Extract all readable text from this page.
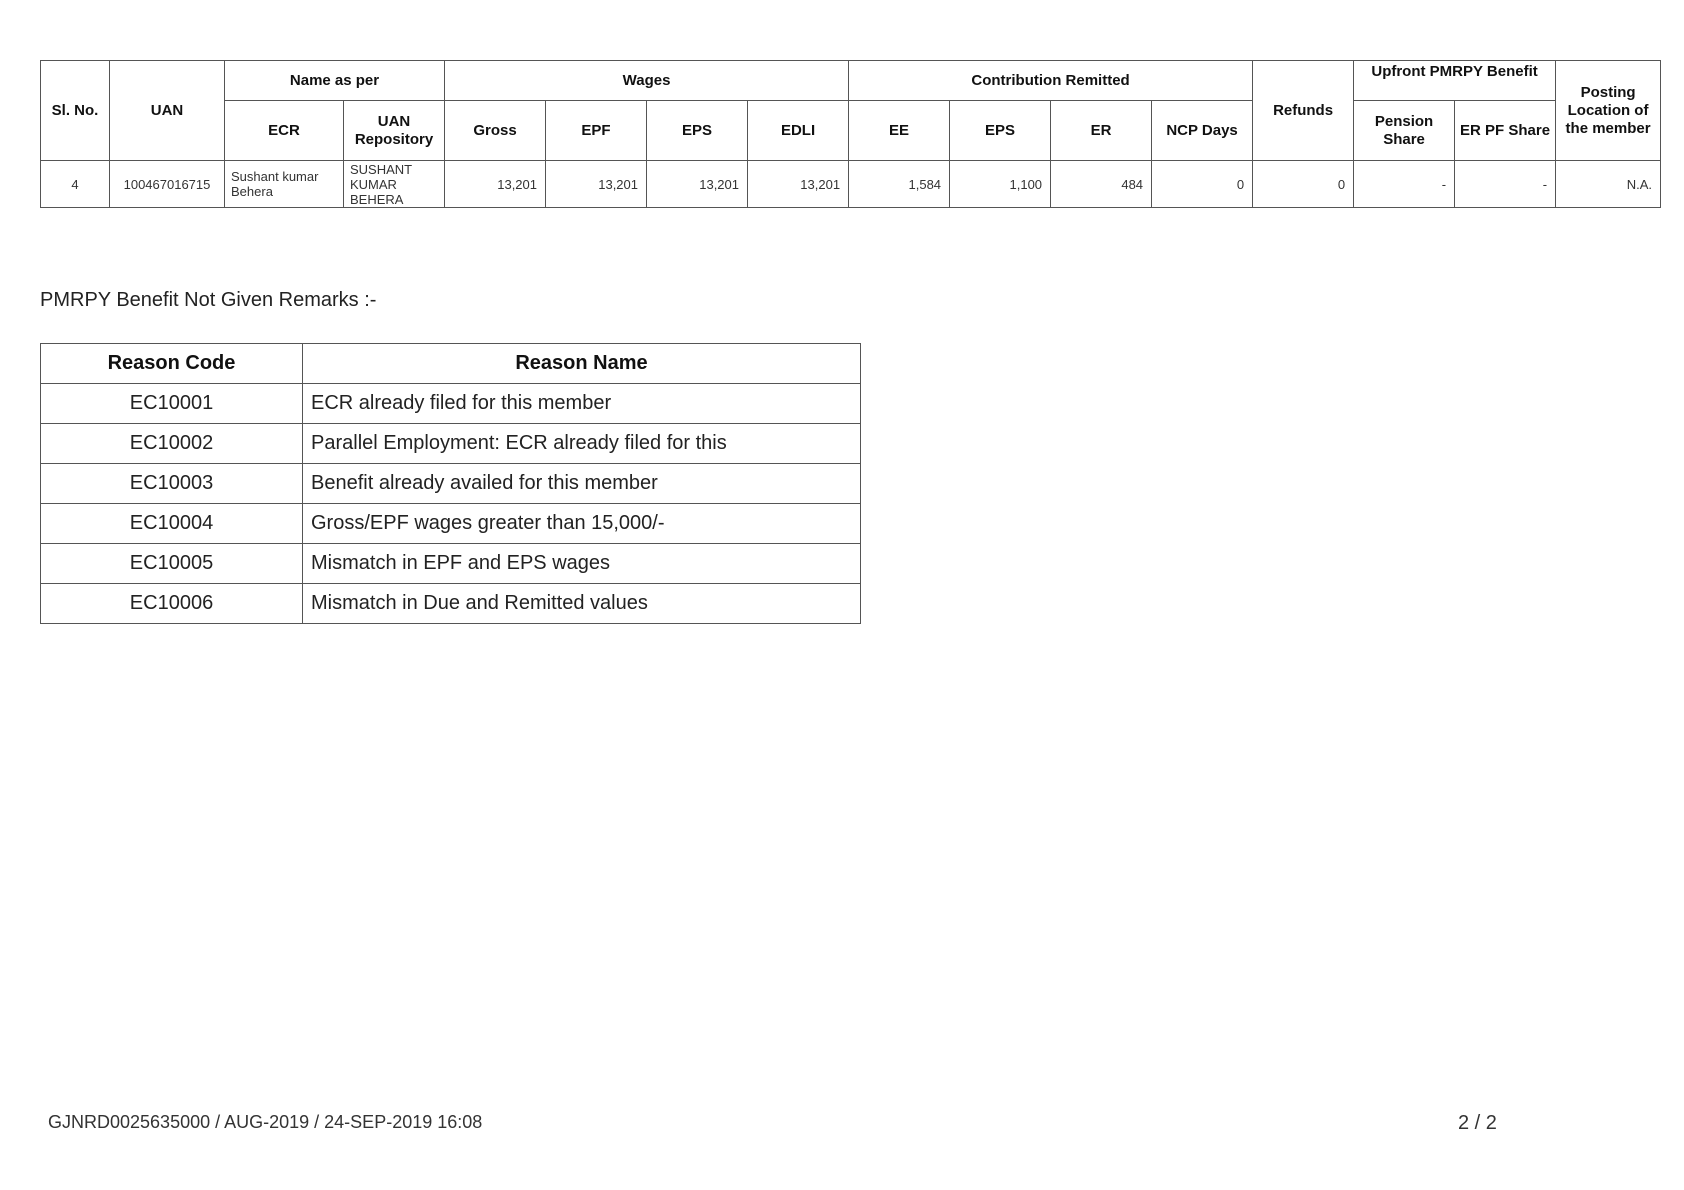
Sl. No.	UAN	Name as per		Wages				Contribution Remitted				Refunds	Upfront PMRPY Benefit		Posting Location of the member
		ECR	UAN Repository	Gross	EPF	EPS	EDLI	EE	EPS	ER	NCP Days		Pension Share	ER PF Share	
4	100467016715	Sushant kumar Behera	SUSHANT KUMAR BEHERA	13,201	13,201	13,201	13,201	1,584	1,100	484	0	0	-	-	N.A.
PMRPY Benefit Not Given Remarks :-
Reason Code	Reason Name
EC10001	ECR already filed for this member
EC10002	Parallel Employment: ECR already filed for this
EC10003	Benefit already availed for this member
EC10004	Gross/EPF wages greater than 15,000/-
EC10005	Mismatch in EPF and EPS wages
EC10006	Mismatch in Due and Remitted values
GJNRD0025635000 / AUG-2019 / 24-SEP-2019 16:08	2 / 2
